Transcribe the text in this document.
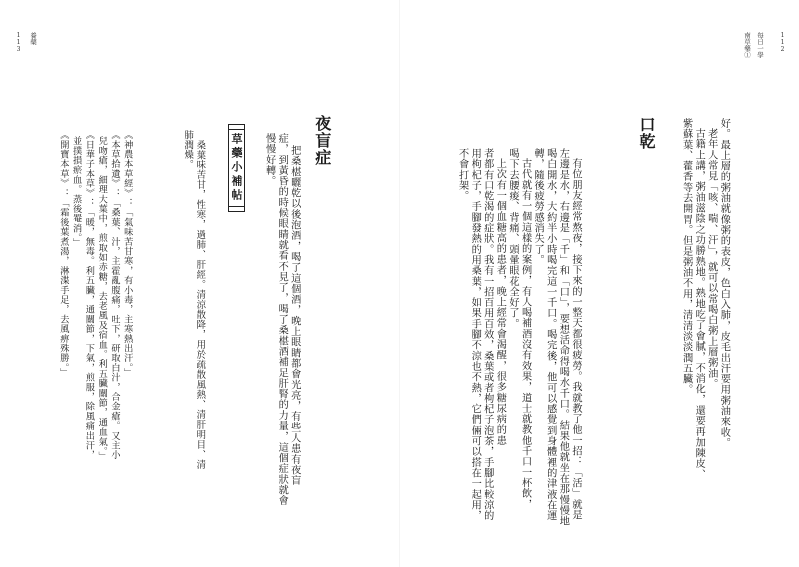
113 養藥
夜盲症
把桑椹曬乾以後泡酒，喝了這個酒，晚上眼睛都會光亮，有些人患有夜盲
症，到黃昏的時候眼睛就看不見了，喝了桑椹酒補足肝腎的力量，這個症狀就會
慢慢好轉。
草藥小補帖
桑葉味苦甘，性寒，過肺、肝經。清涼散降，用於疏散風熱、清肝明目、清
肺潤燥。
《神農本草經》：「氣味苦甘寒，有小毒，主寒熱出汗。」
《本草拾遺》：「桑葉、汁，主霍亂腹痛，吐下，研取白汁，合金瘡。又主小
兒吻瘡，細理大葉中，煎取如赤糖，去老風及宿血。利五臟關節，通血氣。」
《日華子本草》：「暖，無毒。利五臟，通關節，下氣，煎服，除風痛出汗，
並撲損瘀血。蒸後罨消。」
《開寶本草》：「霜後葉煮湯，淋渫手足，去風痹殊勝。」
112
每日一學
南草藥①
好。最上層的粥油就像粥的表皮，色白入肺，皮毛出汗要用粥油來收。
老年人常見「咳、喘、汗」，就可以常喝白粥上層粥油。
古籍上講，粥油滋陰之功勝熟地。熟地吃了會膩，不消化，還要再加陳皮、
紫蘇葉、藿香等去開胃。但是粥油不用，清清淡淡潤五臟。
口乾
有位朋友經常熬夜，接下來的一整天都很疲勞。我就教了他一招：「活」就是
左邊是水，右邊是「千」和「口」，要想活命得喝水千口。結果他就坐在那慢慢地
喝白開水，大約半小時喝完這一千口。喝完後，他可以感覺到身體裡的津液在運
轉，隨後疲勞感消失了。
古代就有一個這樣的案例，有人喝補酒沒有效果，道士就教他千口一杯飲，
喝下去腰痠、背痛、頭暈眼花全好了。
上次有一個血糖高的患者，晚上經常會渴醒，很多糖尿病的患
者都有口乾渴的症狀。我有一招百用百效，桑葉或者枸杞子泡茶，手腳比較涼的
用枸杞子，手腳發熱的用桑葉，如果手腳不涼也不熱，它們倆可以搭在一起用，
不會打架。
